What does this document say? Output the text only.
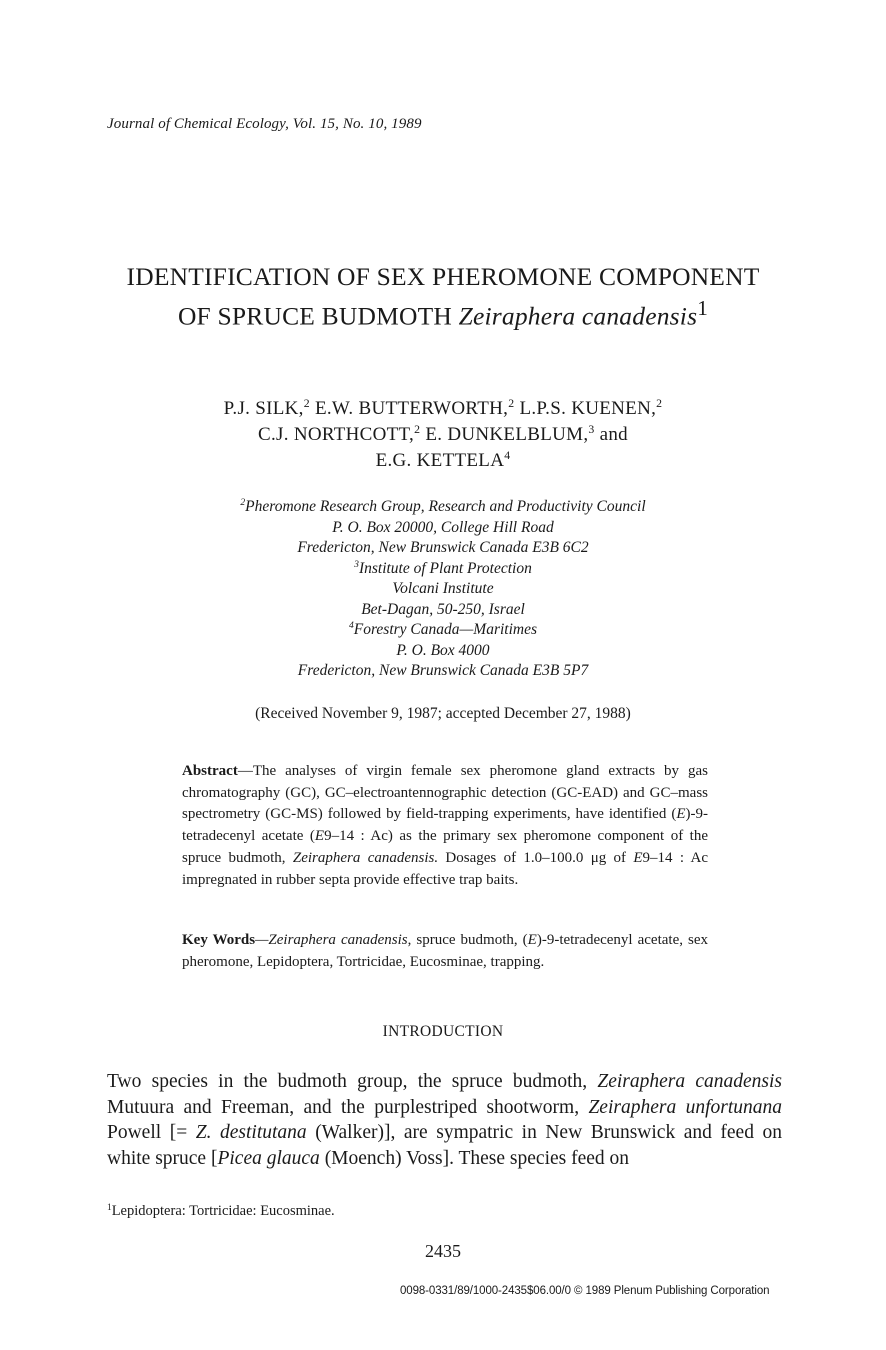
Journal of Chemical Ecology, Vol. 15, No. 10, 1989
IDENTIFICATION OF SEX PHEROMONE COMPONENT
OF SPRUCE BUDMOTH Zeiraphera canadensis$^1$
P.J. SILK,$^2$ E.W. BUTTERWORTH,$^2$ L.P.S. KUENEN,$^2$
C.J. NORTHCOTT,$^2$ E. DUNKELBLUM,$^3$ and
E.G. KETTELA$^4$
$^2$Pheromone Research Group, Research and Productivity Council
P. O. Box 20000, College Hill Road
Fredericton, New Brunswick Canada E3B 6C2
$^3$Institute of Plant Protection
Volcani Institute
Bet-Dagan, 50-250, Israel
$^4$Forestry Canada—Maritimes
P. O. Box 4000
Fredericton, New Brunswick Canada E3B 5P7
(Received November 9, 1987; accepted December 27, 1988)
Abstract—The analyses of virgin female sex pheromone gland extracts by gas chromatography (GC), GC–electroantennographic detection (GC-EAD) and GC–mass spectrometry (GC-MS) followed by field-trapping experiments, have identified (E)-9-tetradecenyl acetate (E9–14 : Ac) as the primary sex pheromone component of the spruce budmoth, Zeiraphera canadensis. Dosages of 1.0–100.0 μg of E9–14 : Ac impregnated in rubber septa provide effective trap baits.
Key Words—Zeiraphera canadensis, spruce budmoth, (E)-9-tetradecenyl acetate, sex pheromone, Lepidoptera, Tortricidae, Eucosminae, trapping.
INTRODUCTION
Two species in the budmoth group, the spruce budmoth, Zeiraphera canadensis Mutuura and Freeman, and the purplestriped shootworm, Zeiraphera unfortunana Powell [= Z. destitutana (Walker)], are sympatric in New Brunswick and feed on white spruce [Picea glauca (Moench) Voss]. These species feed on
$^1$Lepidoptera: Tortricidae: Eucosminae.
2435
0098-0331/89/1000-2435$06.00/0 © 1989 Plenum Publishing Corporation
